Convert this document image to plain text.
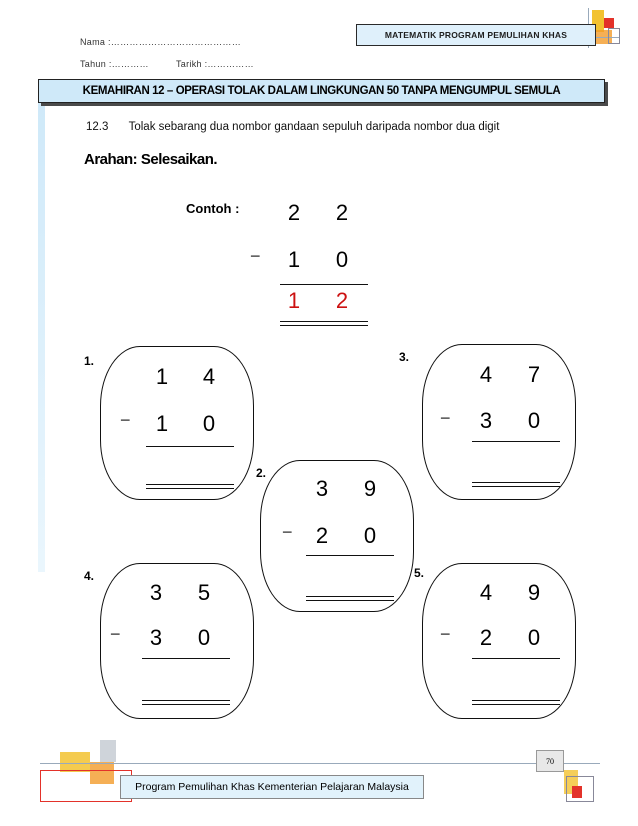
Nama :……………………………………
Tahun :…………	Tarikh :……………
MATEMATIK PROGRAM PEMULIHAN KHAS
KEMAHIRAN 12 – OPERASI TOLAK DALAM LINGKUNGAN 50 TANPA MENGUMPUL SEMULA
12.3 Tolak sebarang dua nombor gandaan sepuluh daripada nombor dua digit
Arahan: Selesaikan.
Contoh : 2 2
− 1 0
1 2
1.
1 4
− 1 0
3.
4 7
− 3 0
2.
3 9
− 2 0
4.
3 5
− 3 0
5.
4 9
− 2 0
Program Pemulihan Khas Kementerian Pelajaran Malaysia
70
